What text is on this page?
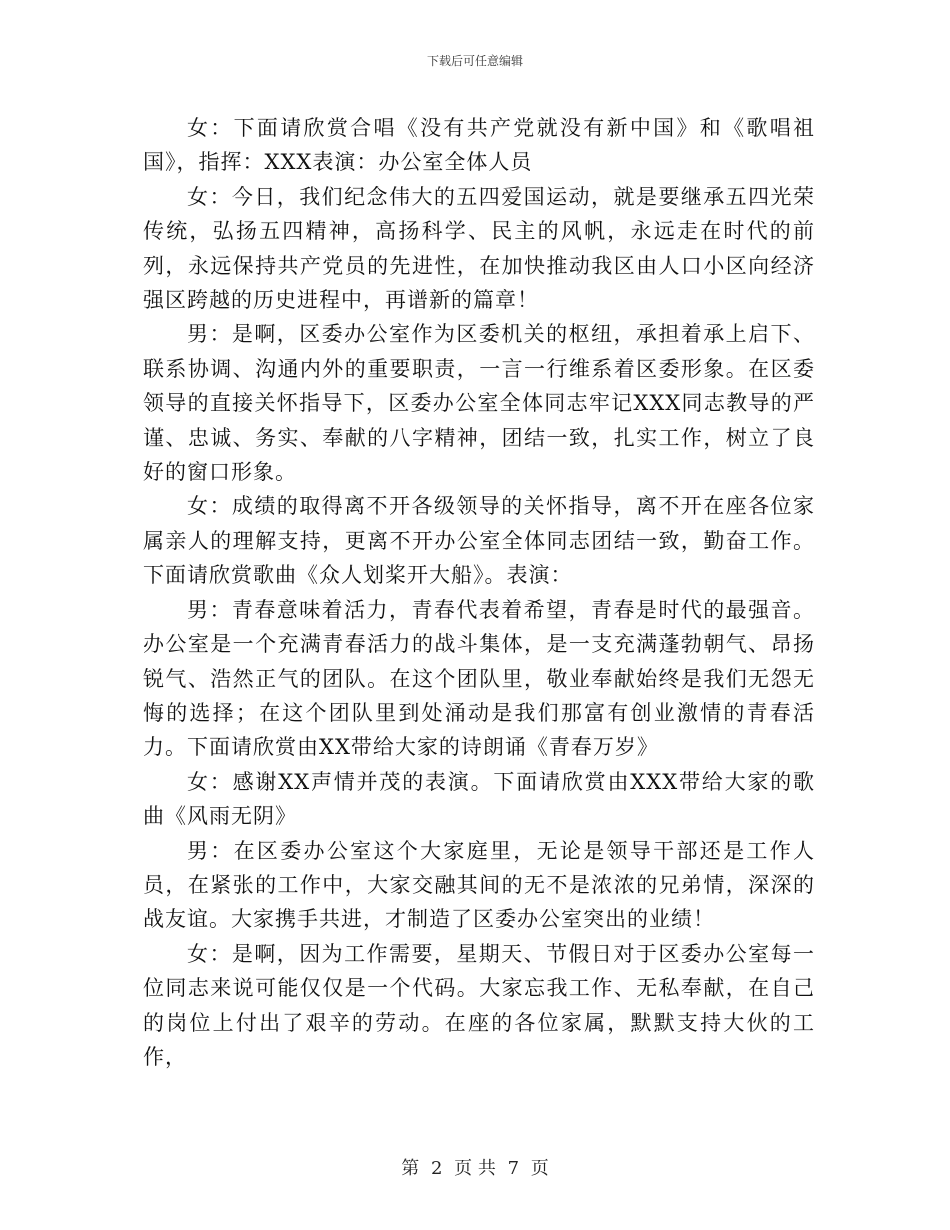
下载后可任意编辑

女：下面请欣赏合唱《没有共产党就没有新中国》和《歌唱祖国》，指挥：XXX表演：办公室全体人员

女：今日，我们纪念伟大的五四爱国运动，就是要继承五四光荣传统，弘扬五四精神，高扬科学、民主的风帆，永远走在时代的前列，永远保持共产党员的先进性，在加快推动我区由人口小区向经济强区跨越的历史进程中，再谱新的篇章！

男：是啊，区委办公室作为区委机关的枢纽，承担着承上启下、联系协调、沟通内外的重要职责，一言一行维系着区委形象。在区委领导的直接关怀指导下，区委办公室全体同志牢记XXX同志教导的严谨、忠诚、务实、奉献的八字精神，团结一致，扎实工作，树立了良好的窗口形象。

女：成绩的取得离不开各级领导的关怀指导，离不开在座各位家属亲人的理解支持，更离不开办公室全体同志团结一致，勤奋工作。下面请欣赏歌曲《众人划桨开大船》。表演：

男：青春意味着活力，青春代表着希望，青春是时代的最强音。办公室是一个充满青春活力的战斗集体，是一支充满蓬勃朝气、昂扬锐气、浩然正气的团队。在这个团队里，敬业奉献始终是我们无怨无悔的选择；在这个团队里到处涌动是我们那富有创业激情的青春活力。下面请欣赏由XX带给大家的诗朗诵《青春万岁》

女：感谢XX声情并茂的表演。下面请欣赏由XXX带给大家的歌曲《风雨无阴》

男：在区委办公室这个大家庭里，无论是领导干部还是工作人员，在紧张的工作中，大家交融其间的无不是浓浓的兄弟情，深深的战友谊。大家携手共进，才制造了区委办公室突出的业绩！

女：是啊，因为工作需要，星期天、节假日对于区委办公室每一位同志来说可能仅仅是一个代码。大家忘我工作、无私奉献，在自己的岗位上付出了艰辛的劳动。在座的各位家属，默默支持大伙的工作，

第 2 页 共 7 页
